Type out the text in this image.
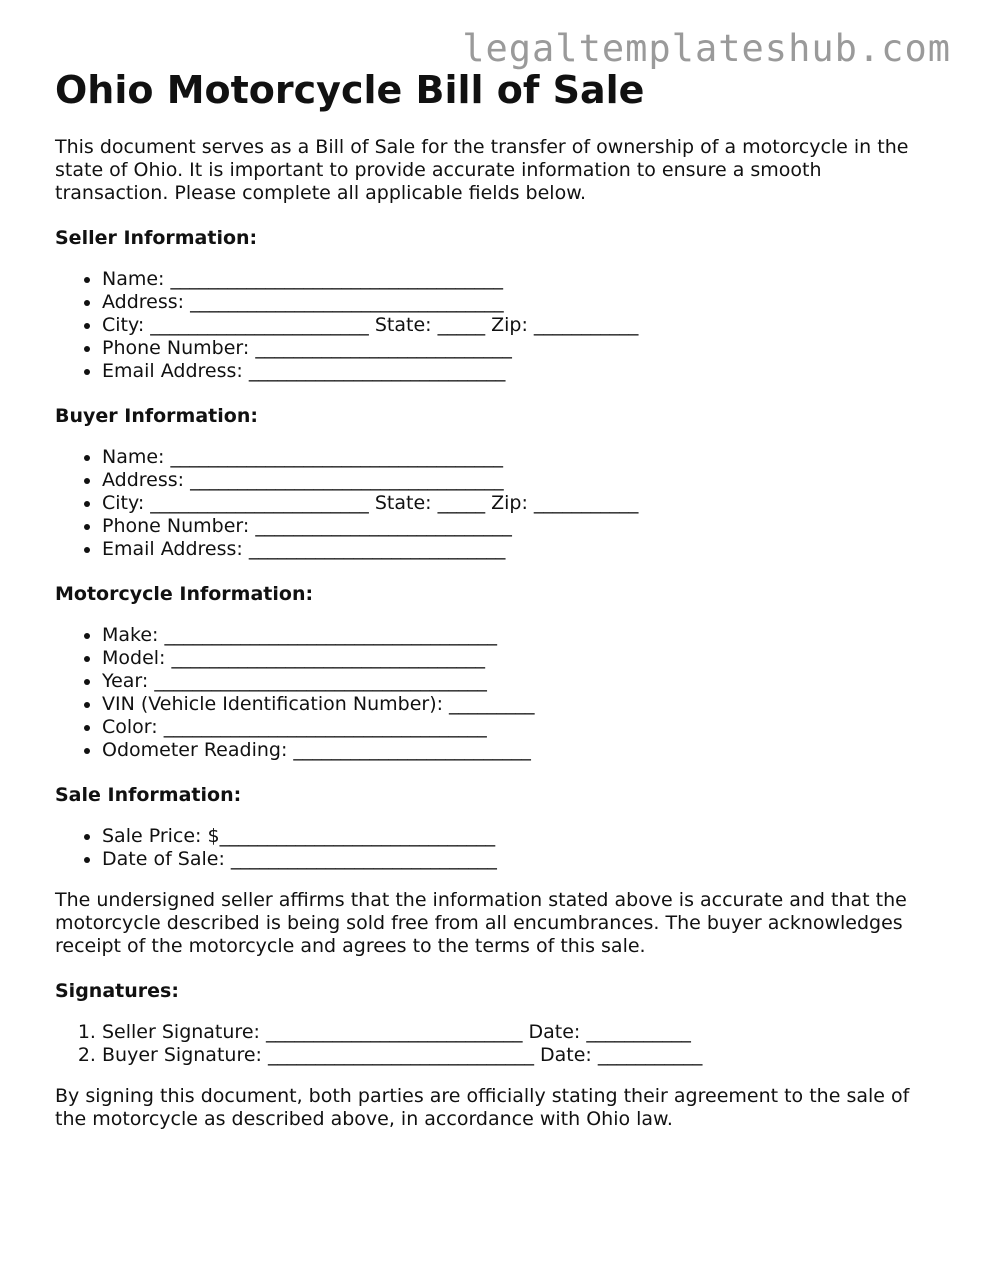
legaltemplateshub.com
Ohio Motorcycle Bill of Sale

This document serves as a Bill of Sale for the transfer of ownership of a motorcycle in the state of Ohio. It is important to provide accurate information to ensure a smooth transaction. Please complete all applicable fields below.

Seller Information:
• Name: ___________________________________
• Address: _________________________________
• City: _______________________ State: _____ Zip: ___________
• Phone Number: ___________________________
• Email Address: ___________________________
Buyer Information:
• Name: ___________________________________
• Address: _________________________________
• City: _______________________ State: _____ Zip: ___________
• Phone Number: ___________________________
• Email Address: ___________________________
Motorcycle Information:
• Make: ___________________________________
• Model: _________________________________
• Year: ___________________________________
• VIN (Vehicle Identification Number): _________
• Color: __________________________________
• Odometer Reading: _________________________
Sale Information:
• Sale Price: $_____________________________
• Date of Sale: ____________________________

The undersigned seller affirms that the information stated above is accurate and that the motorcycle described is being sold free from all encumbrances. The buyer acknowledges receipt of the motorcycle and agrees to the terms of this sale.

Signatures:
1. Seller Signature: ___________________________ Date: ___________
2. Buyer Signature: ____________________________ Date: ___________

By signing this document, both parties are officially stating their agreement to the sale of the motorcycle as described above, in accordance with Ohio law.
